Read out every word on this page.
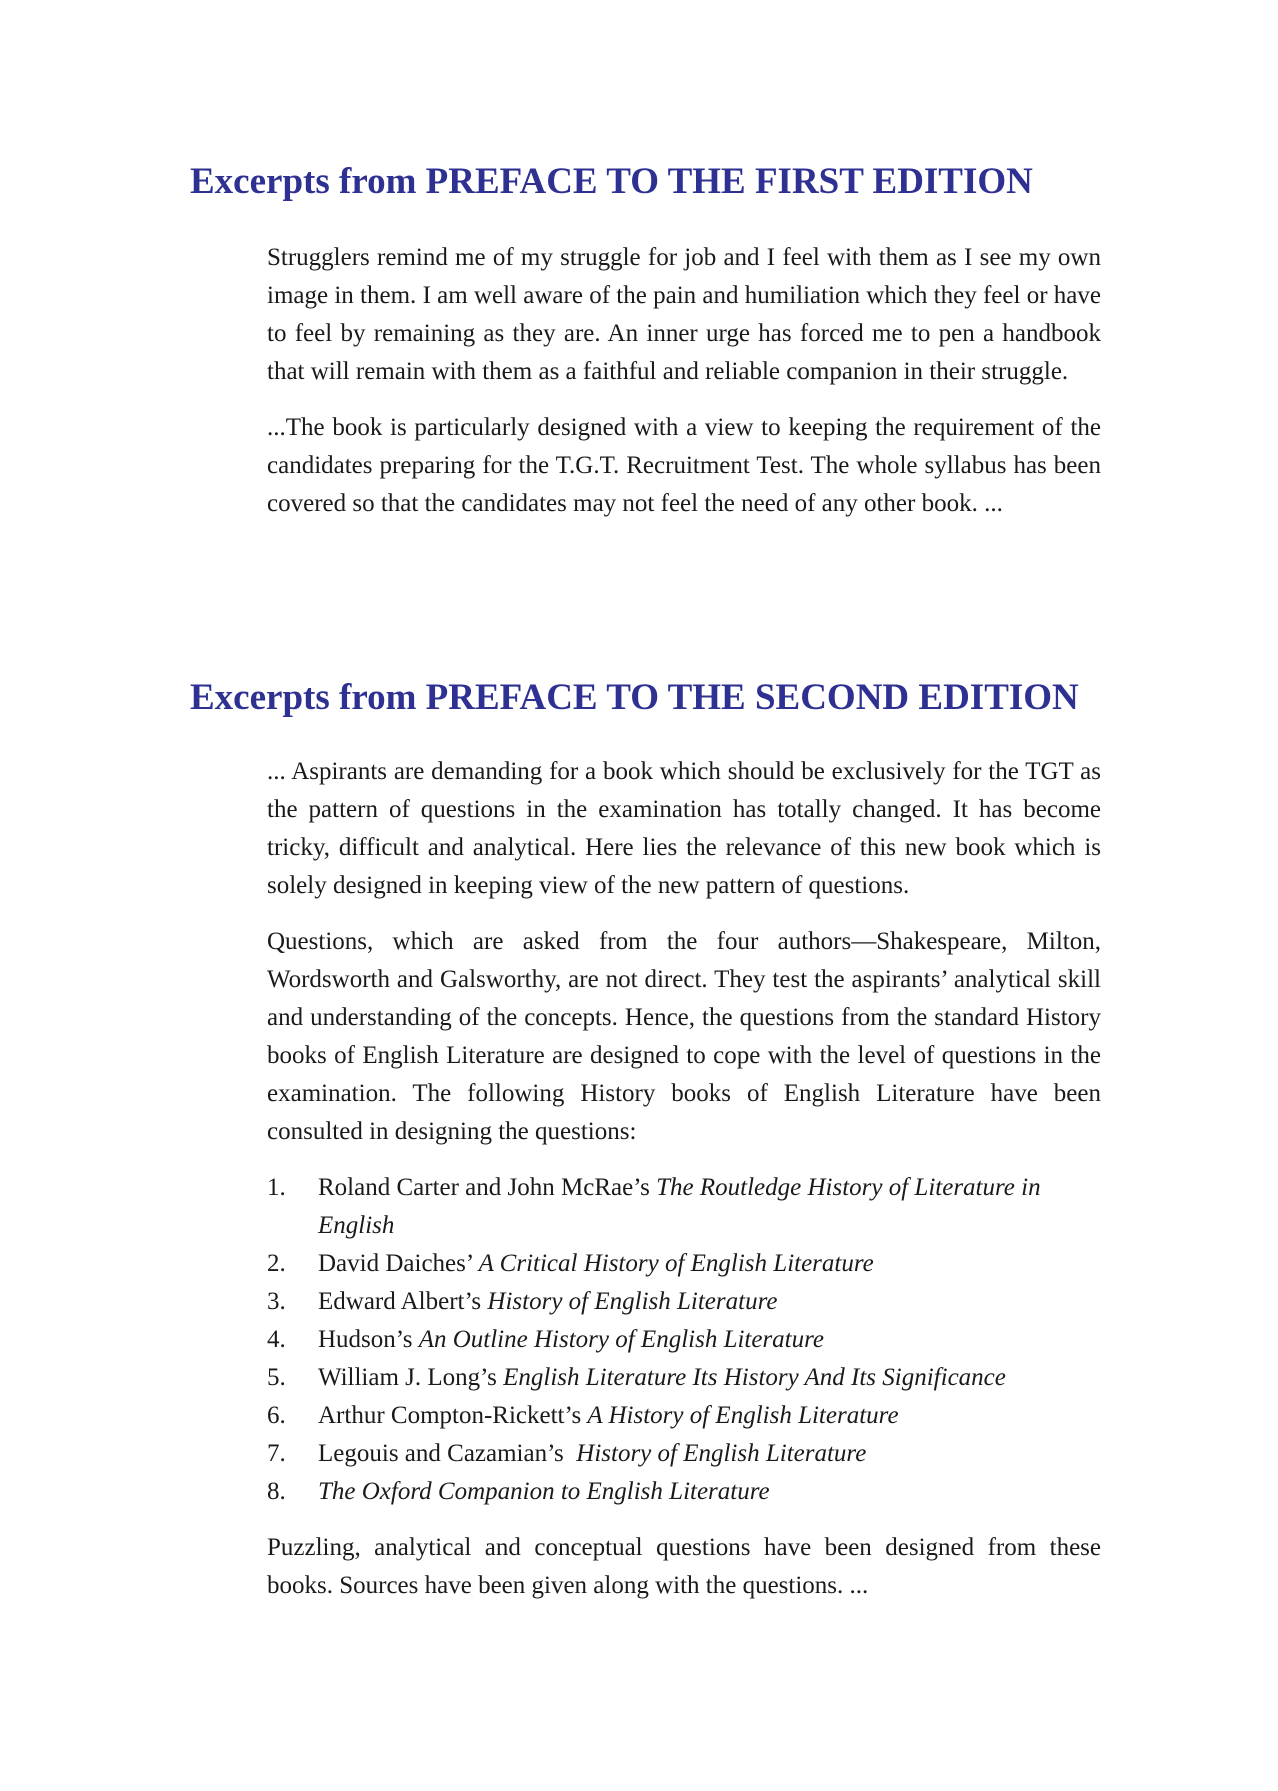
Excerpts from PREFACE TO THE FIRST EDITION

Strugglers remind me of my struggle for job and I feel with them as I see my own image in them. I am well aware of the pain and humiliation which they feel or have to feel by remaining as they are. An inner urge has forced me to pen a handbook that will remain with them as a faithful and reliable companion in their struggle.

...The book is particularly designed with a view to keeping the requirement of the candidates preparing for the T.G.T. Recruitment Test. The whole syllabus has been covered so that the candidates may not feel the need of any other book. ...

Excerpts from PREFACE TO THE SECOND EDITION

... Aspirants are demanding for a book which should be exclusively for the TGT as the pattern of questions in the examination has totally changed. It has become tricky, difficult and analytical. Here lies the relevance of this new book which is solely designed in keeping view of the new pattern of questions.

Questions, which are asked from the four authors—Shakespeare, Milton, Wordsworth and Galsworthy, are not direct. They test the aspirants’ analytical skill and understanding of the concepts. Hence, the questions from the standard History books of English Literature are designed to cope with the level of questions in the examination. The following History books of English Literature have been consulted in designing the questions:

1.	Roland Carter and John McRae’s The Routledge History of Literature in English
2.	David Daiches’ A Critical History of English Literature
3.	Edward Albert’s History of English Literature
4.	Hudson’s An Outline History of English Literature
5.	William J. Long’s English Literature Its History And Its Significance
6.	Arthur Compton-Rickett’s A History of English Literature
7.	Legouis and Cazamian’s  History of English Literature
8.	The Oxford Companion to English Literature

Puzzling, analytical and conceptual questions have been designed from these books. Sources have been given along with the questions. ...
